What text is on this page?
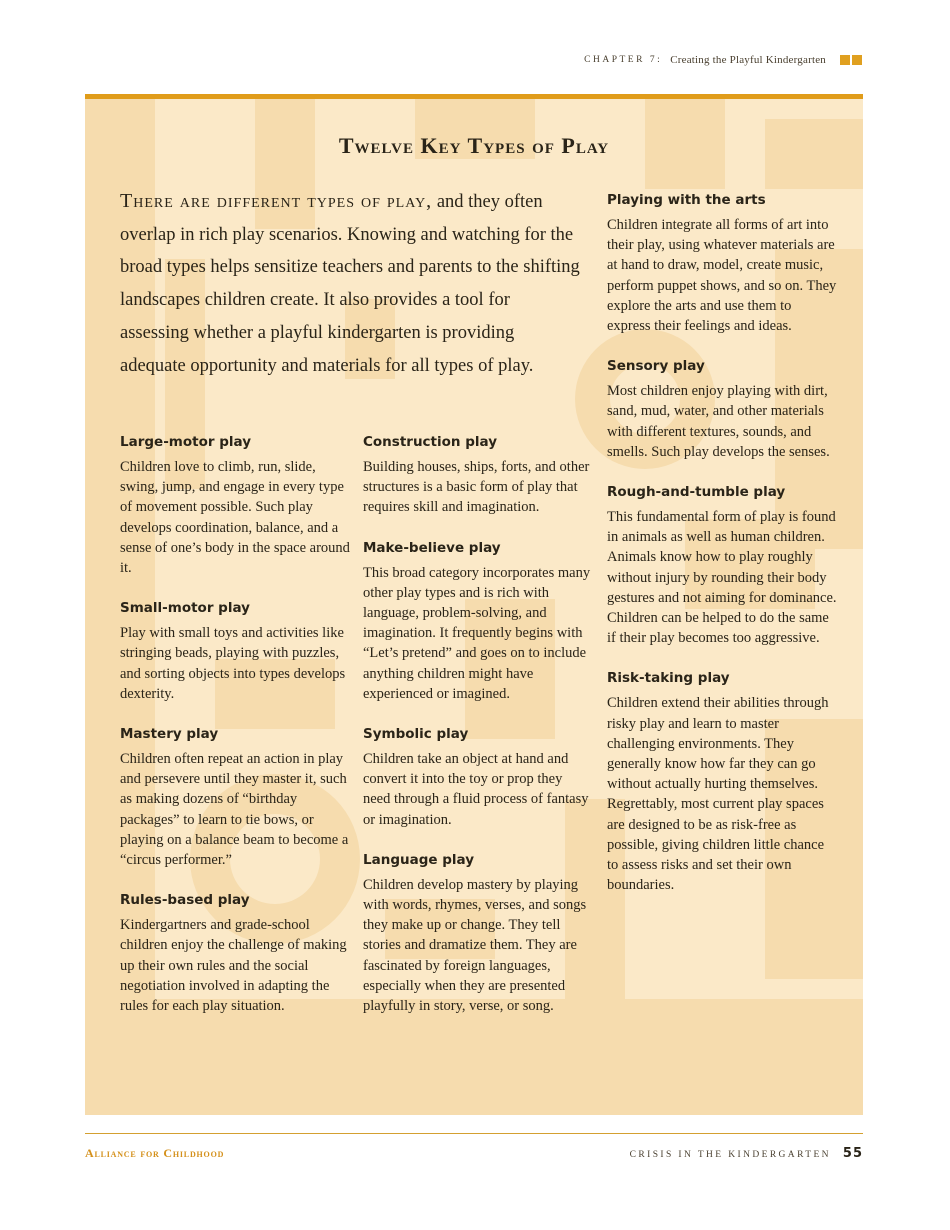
CHAPTER 7: Creating the Playful Kindergarten
Twelve Key Types of Play
There are different types of play, and they often overlap in rich play scenarios. Knowing and watching for the broad types helps sensitize teachers and parents to the shifting landscapes children create. It also provides a tool for assessing whether a playful kindergarten is providing adequate opportunity and materials for all types of play.
Large-motor play
Children love to climb, run, slide, swing, jump, and engage in every type of movement possible. Such play develops coordination, balance, and a sense of one’s body in the space around it.
Small-motor play
Play with small toys and activities like stringing beads, playing with puzzles, and sorting objects into types develops dexterity.
Mastery play
Children often repeat an action in play and persevere until they master it, such as making dozens of “birthday packages” to learn to tie bows, or playing on a balance beam to become a “circus performer.”
Rules-based play
Kindergartners and grade-school children enjoy the challenge of making up their own rules and the social negotiation involved in adapting the rules for each play situation.
Construction play
Building houses, ships, forts, and other structures is a basic form of play that requires skill and imagination.
Make-believe play
This broad category incorporates many other play types and is rich with language, problem-solving, and imagination. It frequently begins with “Let’s pretend” and goes on to include anything children might have experienced or imagined.
Symbolic play
Children take an object at hand and convert it into the toy or prop they need through a fluid process of fantasy or imagination.
Language play
Children develop mastery by playing with words, rhymes, verses, and songs they make up or change. They tell stories and dramatize them. They are fascinated by foreign languages, especially when they are presented playfully in story, verse, or song.
Playing with the arts
Children integrate all forms of art into their play, using whatever materials are at hand to draw, model, create music, perform puppet shows, and so on. They explore the arts and use them to express their feelings and ideas.
Sensory play
Most children enjoy playing with dirt, sand, mud, water, and other materials with different textures, sounds, and smells. Such play develops the senses.
Rough-and-tumble play
This fundamental form of play is found in animals as well as human children. Animals know how to play roughly without injury by rounding their body gestures and not aiming for dominance. Children can be helped to do the same if their play becomes too aggressive.
Risk-taking play
Children extend their abilities through risky play and learn to master challenging environments. They generally know how far they can go without actually hurting themselves. Regrettably, most current play spaces are designed to be as risk-free as possible, giving children little chance to assess risks and set their own boundaries.
Alliance for Childhood	CRISIS IN THE KINDERGARTEN 55
